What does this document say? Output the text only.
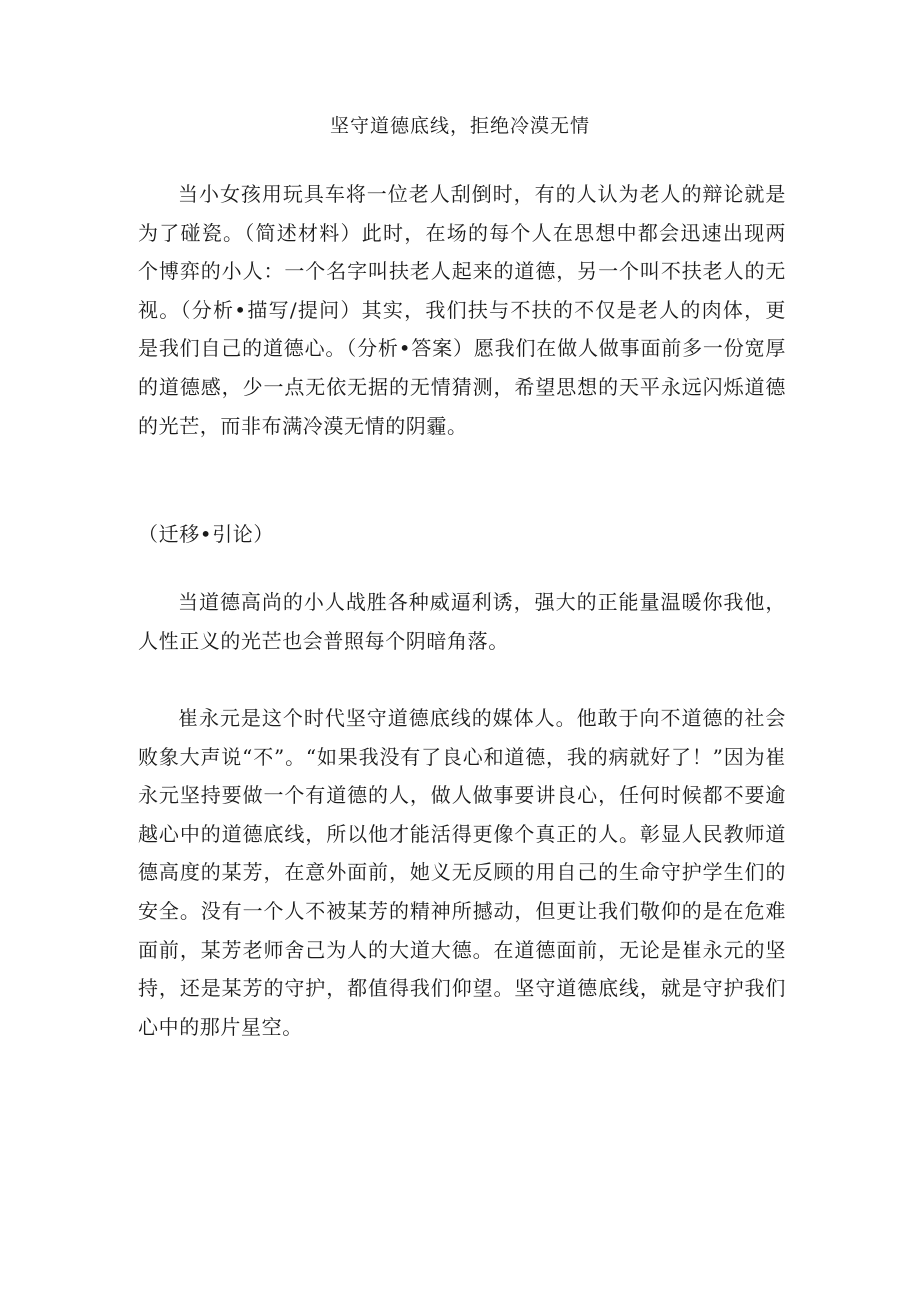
坚守道德底线，拒绝冷漠无情

当小女孩用玩具车将一位老人刮倒时，有的人认为老人的辩论就是为了碰瓷。（简述材料）此时，在场的每个人在思想中都会迅速出现两个博弈的小人：一个名字叫扶老人起来的道德，另一个叫不扶老人的无视。（分析•描写/提问）其实，我们扶与不扶的不仅是老人的肉体，更是我们自己的道德心。（分析•答案）愿我们在做人做事面前多一份宽厚的道德感，少一点无依无据的无情猜测，希望思想的天平永远闪烁道德的光芒，而非布满冷漠无情的阴霾。

（迁移•引论）

当道德高尚的小人战胜各种威逼利诱，强大的正能量温暖你我他，人性正义的光芒也会普照每个阴暗角落。

崔永元是这个时代坚守道德底线的媒体人。他敢于向不道德的社会败象大声说“不”。“如果我没有了良心和道德，我的病就好了！”因为崔永元坚持要做一个有道德的人，做人做事要讲良心，任何时候都不要逾越心中的道德底线，所以他才能活得更像个真正的人。彰显人民教师道德高度的某芳，在意外面前，她义无反顾的用自己的生命守护学生们的安全。没有一个人不被某芳的精神所撼动，但更让我们敬仰的是在危难面前，某芳老师舍己为人的大道大德。在道德面前，无论是崔永元的坚持，还是某芳的守护，都值得我们仰望。坚守道德底线，就是守护我们心中的那片星空。
